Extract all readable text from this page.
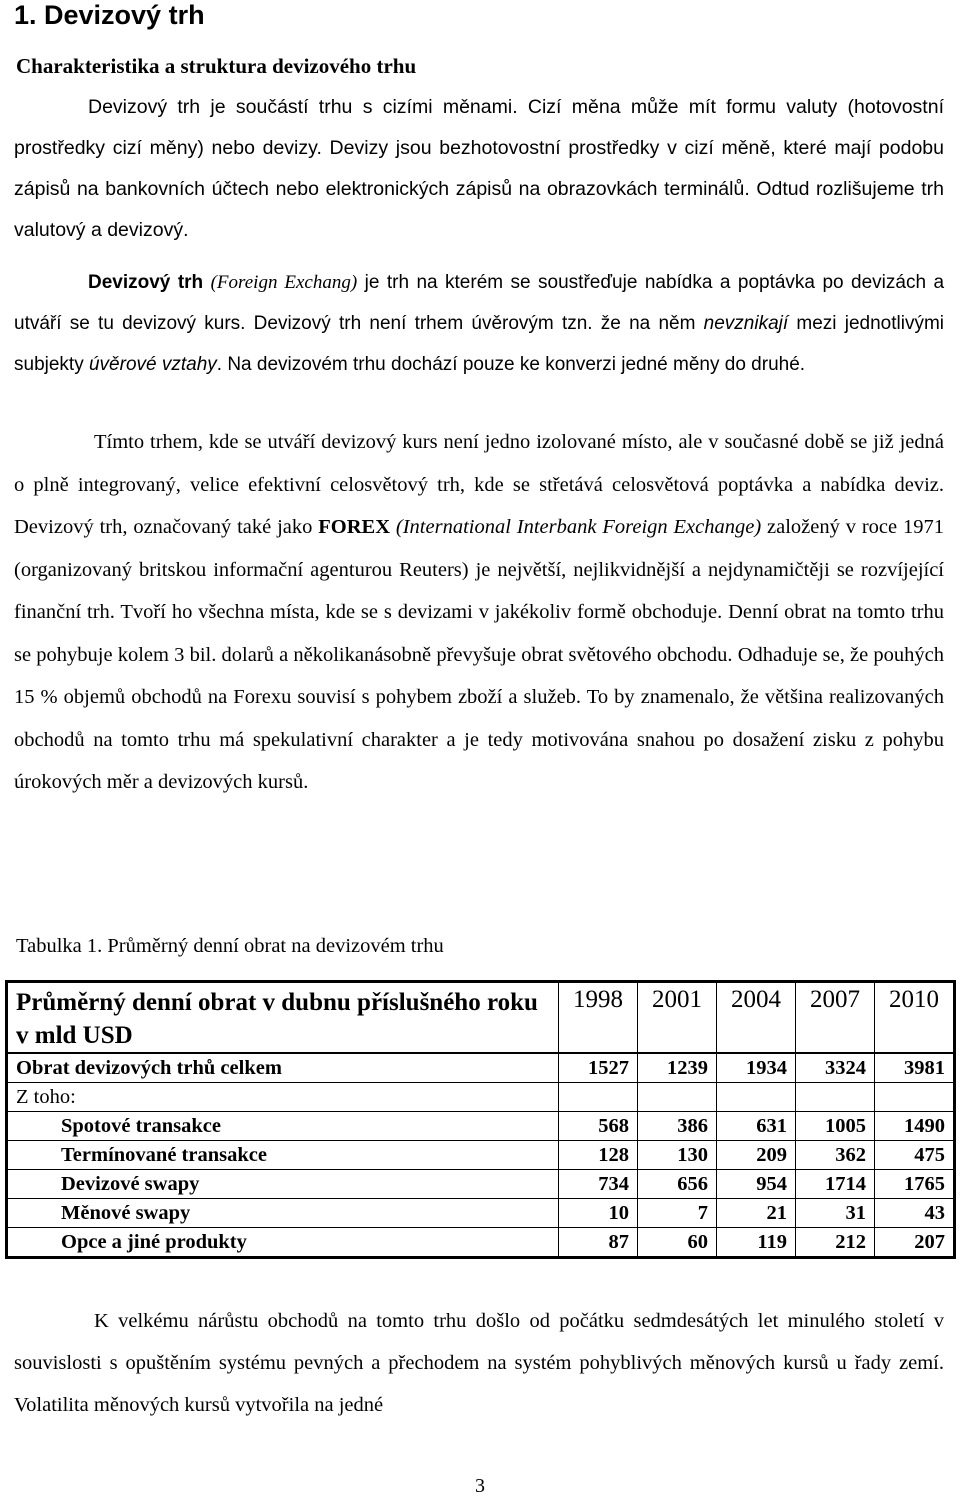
1. Devizový trh
Charakteristika a struktura devizového trhu

Devizový trh je součástí trhu s cizími měnami. Cizí měna může mít formu valuty (hotovostní prostředky cizí měny) nebo devizy. Devizy jsou bezhotovostní prostředky v cizí měně, které mají podobu zápisů na bankovních účtech nebo elektronických zápisů na obrazovkách terminálů. Odtud rozlišujeme trh valutový a devizový.

Devizový trh (Foreign Exchang) je trh na kterém se soustřeďuje nabídka a poptávka po devizách a utváří se tu devizový kurs. Devizový trh není trhem úvěrovým tzn. že na něm nevznikají mezi jednotlivými subjekty úvěrové vztahy. Na devizovém trhu dochází pouze ke konverzi jedné měny do druhé.

Tímto trhem, kde se utváří devizový kurs není jedno izolované místo, ale v současné době se již jedná o plně integrovaný, velice efektivní celosvětový trh, kde se střetává celosvětová poptávka a nabídka deviz. Devizový trh, označovaný také jako FOREX (International Interbank Foreign Exchange) založený v roce 1971 (organizovaný britskou informační agenturou Reuters) je největší, nejlikvidnější a nejdynamičtěji se rozvíjející finanční trh. Tvoří ho všechna místa, kde se s devizami v jakékoliv formě obchoduje. Denní obrat na tomto trhu se pohybuje kolem 3 bil. dolarů a několikanásobně převyšuje obrat světového obchodu. Odhaduje se, že pouhých 15 % objemů obchodů na Forexu souvisí s pohybem zboží a služeb. To by znamenalo, že většina realizovaných obchodů na tomto trhu má spekulativní charakter a je tedy motivována snahou po dosažení zisku z pohybu úrokových měr a devizových kursů.

Tabulka 1. Průměrný denní obrat na devizovém trhu

Průměrný denní obrat v dubnu příslušného roku v mld USD	1998	2001	2004	2007	2010
Obrat devizových trhů celkem	1527	1239	1934	3324	3981
Z toho:					
Spotové transakce	568	386	631	1005	1490
Termínované transakce	128	130	209	362	475
Devizové swapy	734	656	954	1714	1765
Měnové swapy	10	7	21	31	43
Opce a jiné produkty	87	60	119	212	207

K velkému nárůstu obchodů na tomto trhu došlo od počátku sedmdesátých let minulého století v souvislosti s opuštěním systému pevných a přechodem na systém pohyblivých měnových kursů u řady zemí. Volatilita měnových kursů vytvořila na jedné

3
